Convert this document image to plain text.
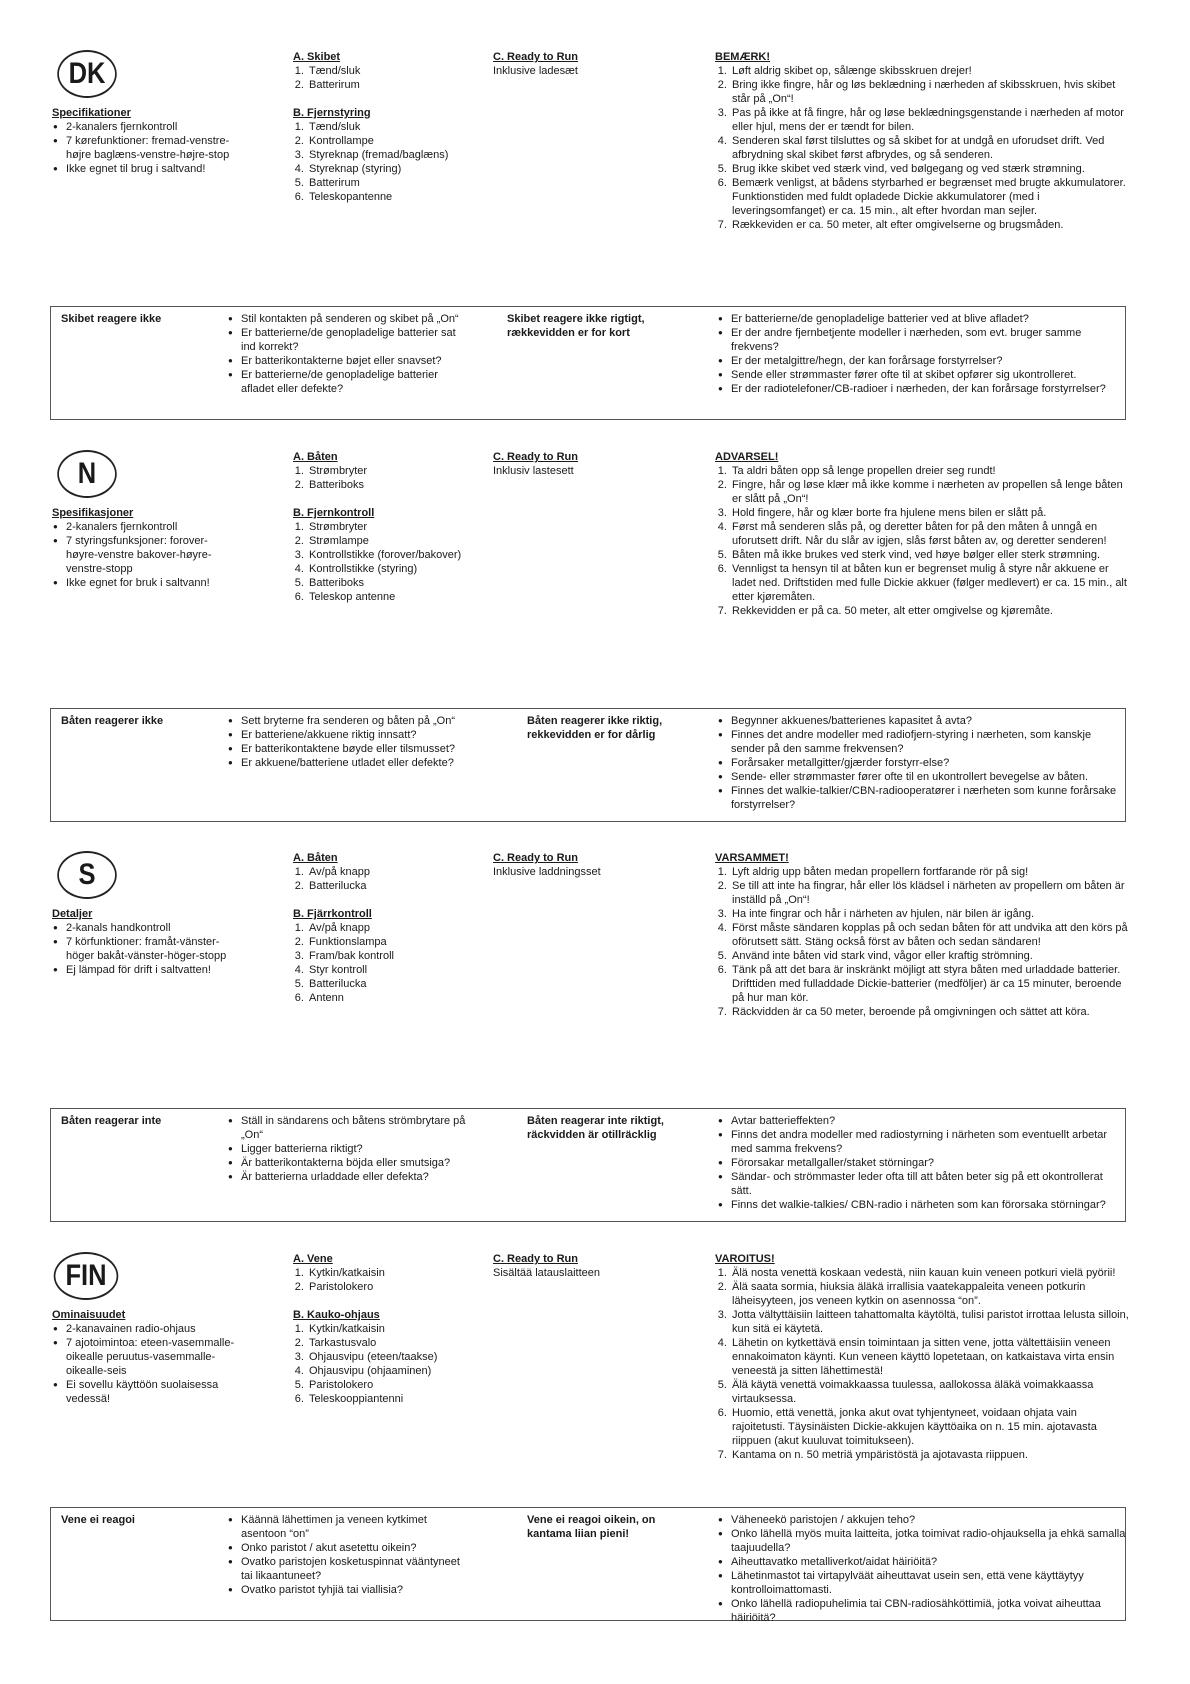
DK
Specifikationer
● 2-kanalers fjernkontroll
● 7 kørefunktioner: fremad-venstre-højre baglæns-venstre-højre-stop
● Ikke egnet til brug i saltvand!
A. Skibet
1. Tænd/sluk
2. Batterirum
B. Fjernstyring
1. Tænd/sluk
2. Kontrollampe
3. Styreknap (fremad/baglæns)
4. Styreknap (styring)
5. Batterirum
6. Teleskopantenne
C. Ready to Run
Inklusive ladesæt
BEMÆRK!
1. Løft aldrig skibet op, sålænge skibsskruen drejer!
2. Bring ikke fingre, hår og løs beklædning i nærheden af skibsskruen, hvis skibet står på „On“!
3. Pas på ikke at få fingre, hår og løse beklædningsgenstande i nærheden af motor eller hjul, mens der er tændt for bilen.
4. Senderen skal først tilsluttes og så skibet for at undgå en uforudset drift. Ved afbrydning skal skibet først afbrydes, og så senderen.
5. Brug ikke skibet ved stærk vind, ved bølgegang og ved stærk strømning.
6. Bemærk venligst, at bådens styrbarhed er begrænset med brugte akkumulatorer. Funktionstiden med fuldt opladede Dickie akkumulatorer (med i leveringsomfanget) er ca. 15 min., alt efter hvordan man sejler.
7. Rækkeviden er ca. 50 meter, alt efter omgivelserne og brugsmåden.
Skibet reagere ikke	● Stil kontakten på senderen og skibet på „On“
● Er batterierne/de genopladelige batterier sat ind korrekt?
● Er batterikontakterne bøjet eller snavset?
● Er batterierne/de genopladelige batterier afladet eller defekte?
Skibet reagere ikke rigtigt, rækkevidden er for kort
● Er batterierne/de genopladelige batterier ved at blive afladet?
● Er der andre fjernbetjente modeller i nærheden, som evt. bruger samme frekvens?
● Er der metalgittre/hegn, der kan forårsage forstyrrelser?
● Sende eller strømmaster fører ofte til at skibet opfører sig ukontrolleret.
● Er der radiotelefoner/CB-radioer i nærheden, der kan forårsage forstyrrelser?
N
Spesifikasjoner
● 2-kanalers fjernkontroll
● 7 styringsfunksjoner: forover-høyre-venstre bakover-høyre-venstre-stopp
● Ikke egnet for bruk i saltvann!
A. Båten
1. Strømbryter
2. Batteriboks
B. Fjernkontroll
1. Strømbryter
2. Strømlampe
3. Kontrollstikke (forover/bakover)
4. Kontrollstikke (styring)
5. Batteriboks
6. Teleskop antenne
C. Ready to Run
Inklusiv lastesett
ADVARSEL!
1. Ta aldri båten opp så lenge propellen dreier seg rundt!
2. Fingre, hår og løse klær må ikke komme i nærheten av propellen så lenge båten er slått på „On“!
3. Hold fingere, hår og klær borte fra hjulene mens bilen er slått på.
4. Først må senderen slås på, og deretter båten for på den måten å unngå en uforutsett drift. Når du slår av igjen, slås først båten av, og deretter senderen!
5. Båten må ikke brukes ved sterk vind, ved høye bølger eller sterk strømning.
6. Vennligst ta hensyn til at båten kun er begrenset mulig å styre når akkuene er ladet ned. Driftstiden med fulle Dickie akkuer (følger medlevert) er ca. 15 min., alt etter kjøremåten.
7. Rekkevidden er på ca. 50 meter, alt etter omgivelse og kjøremåte.
Båten reagerer ikke	● Sett bryterne fra senderen og båten på „On“
● Er batteriene/akkuene riktig innsatt?
● Er batterikontaktene bøyde eller tilsmusset?
● Er akkuene/batteriene utladet eller defekte?
Båten reagerer ikke riktig, rekkevidden er for dårlig
● Begynner akkuenes/batterienes kapasitet å avta?
● Finnes det andre modeller med radiofjern-styring i nærheten, som kanskje sender på den samme frekvensen?
● Forårsaker metallgitter/gjærder forstyrr-else?
● Sende- eller strømmaster fører ofte til en ukontrollert bevegelse av båten.
● Finnes det walkie-talkier/CBN-radiooperatører i nærheten som kunne forårsake forstyrrelser?
S
Detaljer
● 2-kanals handkontroll
● 7 körfunktioner: framåt-vänster-höger bakåt-vänster-höger-stopp
● Ej lämpad för drift i saltvatten!
A. Båten
1. Av/på knapp
2. Batterilucka
B. Fjärrkontroll
1. Av/på knapp
2. Funktionslampa
3. Fram/bak kontroll
4. Styr kontroll
5. Batterilucka
6. Antenn
C. Ready to Run
Inklusive laddningsset
VARSAMMET!
1. Lyft aldrig upp båten medan propellern fortfarande rör på sig!
2. Se till att inte ha fingrar, hår eller lös klädsel i närheten av propellern om båten är inställd på „On“!
3. Ha inte fingrar och hår i närheten av hjulen, när bilen är igång.
4. Först måste sändaren kopplas på och sedan båten för att undvika att den körs på oförutsett sätt. Stäng också först av båten och sedan sändaren!
5. Använd inte båten vid stark vind, vågor eller kraftig strömning.
6. Tänk på att det bara är inskränkt möjligt att styra båten med urladdade batterier. Drifttiden med fulladdade Dickie-batterier (medföljer) är ca 15 minuter, beroende på hur man kör.
7. Räckvidden är ca 50 meter, beroende på omgivningen och sättet att köra.
Båten reagerar inte	● Ställ in sändarens och båtens strömbrytare på „On“
● Ligger batterierna riktigt?
● Är batterikontakterna böjda eller smutsiga?
● Är batterierna urladdade eller defekta?
Båten reagerar inte riktigt, räckvidden är otillräcklig
● Avtar batterieffekten?
● Finns det andra modeller med radiostyrning i närheten som eventuellt arbetar med samma frekvens?
● Förorsakar metallgaller/staket störningar?
● Sändar- och strömmaster leder ofta till att båten beter sig på ett okontrollerat sätt.
● Finns det walkie-talkies/ CBN-radio i närheten som kan förorsaka störningar?
FIN
Ominaisuudet
● 2-kanavainen radio-ohjaus
● 7 ajotoimintoa: eteen-vasemmalle-oikealle peruutus-vasemmalle-oikealle-seis
● Ei sovellu käyttöön suolaisessa vedessä!
A. Vene
1. Kytkin/katkaisin
2. Paristolokero
B. Kauko-ohjaus
1. Kytkin/katkaisin
2. Tarkastusvalo
3. Ohjausvipu (eteen/taakse)
4. Ohjausvipu (ohjaaminen)
5. Paristolokero
6. Teleskooppiantenni
C. Ready to Run
Sisältää latauslaitteen
VAROITUS!
1. Älä nosta venettä koskaan vedestä, niin kauan kuin veneen potkuri vielä pyörii!
2. Älä saata sormia, hiuksia äläkä irrallisia vaatekappaleita veneen potkurin läheisyyteen, jos veneen kytkin on asennossa “on”.
3. Jotta vältyttäisiin laitteen tahattomalta käytöltä, tulisi paristot irrottaa lelusta silloin, kun sitä ei käytetä.
4. Lähetin on kytkettävä ensin toimintaan ja sitten vene, jotta vältettäisiin veneen ennakoimaton käynti. Kun veneen käyttö lopetetaan, on katkaistava virta ensin veneestä ja sitten lähettimestä!
5. Älä käytä venettä voimakkaassa tuulessa, aallokossa äläkä voimakkaassa virtauksessa.
6. Huomio, että venettä, jonka akut ovat tyhjentyneet, voidaan ohjata vain rajoitetusti. Täysinäisten Dickie-akkujen käyttöaika on n. 15 min. ajotavasta riippuen (akut kuuluvat toimitukseen).
7. Kantama on n. 50 metriä ympäristöstä ja ajotavasta riippuen.
Vene ei reagoi	● Käännä lähettimen ja veneen kytkimet asentoon “on”
● Onko paristot / akut asetettu oikein?
● Ovatko paristojen kosketuspinnat vääntyneet tai likaantuneet?
● Ovatko paristot tyhjiä tai viallisia?
Vene ei reagoi oikein, on kantama liian pieni!
● Väheneekö paristojen / akkujen teho?
● Onko lähellä myös muita laitteita, jotka toimivat radio-ohjauksella ja ehkä samalla taajuudella?
● Aiheuttavatko metalliverkot/aidat häiriöitä?
● Lähetinmastot tai virtapylväät aiheuttavat usein sen, että vene käyttäytyy kontrolloimattomasti.
● Onko lähellä radiopuhelimia tai CBN-radiosähköttimiä, jotka voivat aiheuttaa häiriöitä?
